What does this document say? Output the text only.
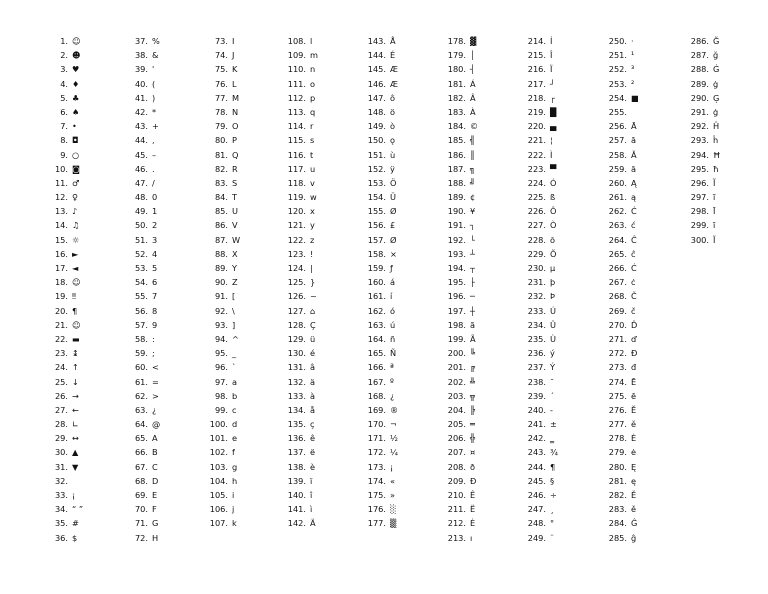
1. ☺
2. ☻
3. ♥
4. ♦
5. ♣
6. ♠
7. •
8. ◘
9. ○
10. ◙
11. ♂
12. ♀
13. ♪
14. ♫
15. ☼
16. ►
17. ◄
18. ☺
19. ‼
20. ¶
21. ☺
22. ▬
23. ↨
24. ↑
25. ↓
26. →
27. ←
28. ∟
29. ↔
30. ▲
31. ▼
32.
33. ¡
34. “ ”
35. #
36. $
37. %
38. &
39. '
40. (
41. )
42. *
43. +
44. ,
45. –
46. .
47. /
48. 0
49. 1
50. 2
51. 3
52. 4
53. 5
54. 6
55. 7
56. 8
57. 9
58. :
59. ;
60. <
61. =
62. >
63. ¿
64. @
65. A
66. B
67. C
68. D
69. E
70. F
71. G
72. H
73. I
74. J
75. K
76. L
77. M
78. N
79. O
80. P
81. Q
82. R
83. S
84. T
85. U
86. V
87. W
88. X
89. Y
90. Z
91. [
92. \
93. ]
94. ^
95. _
96. `
97. a
98. b
99. c
100. d
101. e
102. f
103. g
104. h
105. i
106. j
107. k
108. l
109. m
110. n
111. o
112. p
113. q
114. r
115. s
116. t
117. u
118. v
119. w
120. x
121. y
122. z
123. !
124. |
125. }
126. ~
127. ⌂
128. Ç
129. ü
130. é
131. â
132. ä
133. à
134. å
135. ç
136. ê
137. ë
138. è
139. ï
140. î
141. ì
142. Ä
143. Å
144. É
145. Æ
146. Æ
147. ô
148. ö
149. ò
150. ǫ
151. ù
152. ÿ
153. Ö
154. Ü
155. Ø
156. £
157. Ø
158. ×
159. ƒ
160. á
161. í
162. ó
163. ú
164. ñ
165. Ñ
166. ª
167. º
168. ¿
169. ®
170. ¬
171. ½
172. ¼
173. ¡
174. «
175. »
176. ░
177. ▒
178. ▓
179. │
180. ┤
181. Á
182. Â
183. À
184. ©
185. ╣
186. ║
187. ╗
188. ╝
189. ¢
190. ¥
191. ┐
192. └
193. ┴
194. ┬
195. ├
196. ─
197. ┼
198. ã
199. Ã
200. ╚
201. ╔
202. ╩
203. ╦
204. ╠
205. ═
206. ╬
207. ¤
208. ð
209. Ð
210. Ê
211. Ë
212. È
213. ı
214. Í
215. Î
216. Ï
217. ┘
218. ┌
219. █
220. ▄
221. ¦
222. Ì
223. ▀
224. Ó
225. ß
226. Ô
227. Ò
228. õ
229. Õ
230. µ
231. þ
232. Þ
233. Ú
234. Û
235. Ù
236. ý
237. Ý
238. ¯
239. ´
240. -
241. ±
242. ‗
243. ¾
244. ¶
245. §
246. ÷
247. ¸
248. °
249. ¨
250. ·
251. ¹
252. ³
253. ²
254. ■
255.
256. Ā
257. ā
258. Ă
259. ă
260. Ą
261. ą
262. Ć
263. ć
264. Ĉ
265. ĉ
266. Ċ
267. ċ
268. Č
269. č
270. Ď
271. ď
272. Đ
273. đ
274. Ē
275. ē
276. Ĕ
277. ĕ
278. Ė
279. ė
280. Ę
281. ę
282. Ě
283. ě
284. Ĝ
285. ĝ
286. Ğ
287. ğ
288. Ġ
289. ġ
290. Ģ
291. ģ
292. Ĥ
293. ĥ
294. Ħ
295. ħ
296. Ĩ
297. ĩ
298. Ī
299. ī
300. Ĭ
